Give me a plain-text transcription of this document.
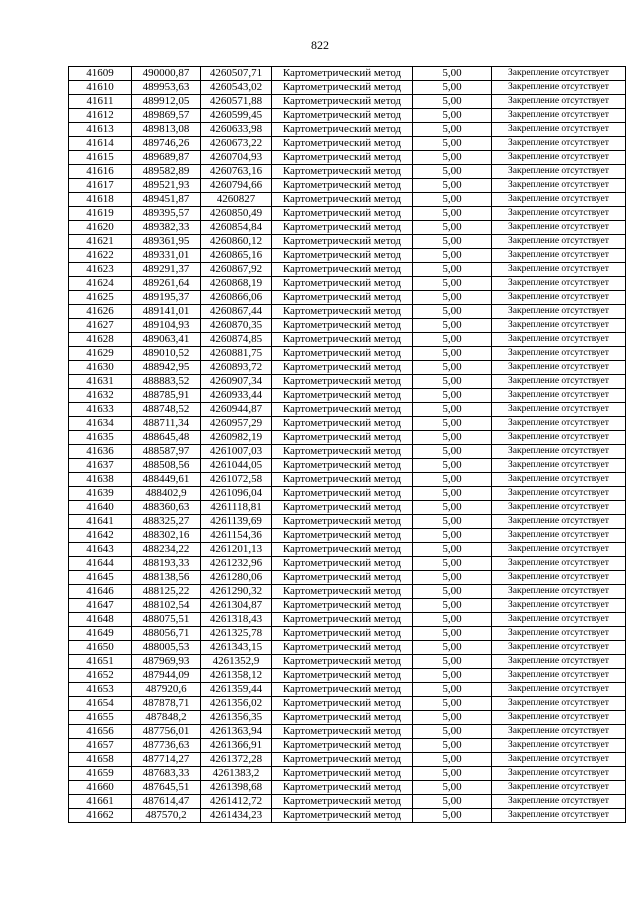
822
41609	490000,87	4260507,71	Картометрический метод	5,00	Закрепление отсутствует
41610	489953,63	4260543,02	Картометрический метод	5,00	Закрепление отсутствует
41611	489912,05	4260571,88	Картометрический метод	5,00	Закрепление отсутствует
41612	489869,57	4260599,45	Картометрический метод	5,00	Закрепление отсутствует
41613	489813,08	4260633,98	Картометрический метод	5,00	Закрепление отсутствует
41614	489746,26	4260673,22	Картометрический метод	5,00	Закрепление отсутствует
41615	489689,87	4260704,93	Картометрический метод	5,00	Закрепление отсутствует
41616	489582,89	4260763,16	Картометрический метод	5,00	Закрепление отсутствует
41617	489521,93	4260794,66	Картометрический метод	5,00	Закрепление отсутствует
41618	489451,87	4260827	Картометрический метод	5,00	Закрепление отсутствует
41619	489395,57	4260850,49	Картометрический метод	5,00	Закрепление отсутствует
41620	489382,33	4260854,84	Картометрический метод	5,00	Закрепление отсутствует
41621	489361,95	4260860,12	Картометрический метод	5,00	Закрепление отсутствует
41622	489331,01	4260865,16	Картометрический метод	5,00	Закрепление отсутствует
41623	489291,37	4260867,92	Картометрический метод	5,00	Закрепление отсутствует
41624	489261,64	4260868,19	Картометрический метод	5,00	Закрепление отсутствует
41625	489195,37	4260866,06	Картометрический метод	5,00	Закрепление отсутствует
41626	489141,01	4260867,44	Картометрический метод	5,00	Закрепление отсутствует
41627	489104,93	4260870,35	Картометрический метод	5,00	Закрепление отсутствует
41628	489063,41	4260874,85	Картометрический метод	5,00	Закрепление отсутствует
41629	489010,52	4260881,75	Картометрический метод	5,00	Закрепление отсутствует
41630	488942,95	4260893,72	Картометрический метод	5,00	Закрепление отсутствует
41631	488883,52	4260907,34	Картометрический метод	5,00	Закрепление отсутствует
41632	488785,91	4260933,44	Картометрический метод	5,00	Закрепление отсутствует
41633	488748,52	4260944,87	Картометрический метод	5,00	Закрепление отсутствует
41634	488711,34	4260957,29	Картометрический метод	5,00	Закрепление отсутствует
41635	488645,48	4260982,19	Картометрический метод	5,00	Закрепление отсутствует
41636	488587,97	4261007,03	Картометрический метод	5,00	Закрепление отсутствует
41637	488508,56	4261044,05	Картометрический метод	5,00	Закрепление отсутствует
41638	488449,61	4261072,58	Картометрический метод	5,00	Закрепление отсутствует
41639	488402,9	4261096,04	Картометрический метод	5,00	Закрепление отсутствует
41640	488360,63	4261118,81	Картометрический метод	5,00	Закрепление отсутствует
41641	488325,27	4261139,69	Картометрический метод	5,00	Закрепление отсутствует
41642	488302,16	4261154,36	Картометрический метод	5,00	Закрепление отсутствует
41643	488234,22	4261201,13	Картометрический метод	5,00	Закрепление отсутствует
41644	488193,33	4261232,96	Картометрический метод	5,00	Закрепление отсутствует
41645	488138,56	4261280,06	Картометрический метод	5,00	Закрепление отсутствует
41646	488125,22	4261290,32	Картометрический метод	5,00	Закрепление отсутствует
41647	488102,54	4261304,87	Картометрический метод	5,00	Закрепление отсутствует
41648	488075,51	4261318,43	Картометрический метод	5,00	Закрепление отсутствует
41649	488056,71	4261325,78	Картометрический метод	5,00	Закрепление отсутствует
41650	488005,53	4261343,15	Картометрический метод	5,00	Закрепление отсутствует
41651	487969,93	4261352,9	Картометрический метод	5,00	Закрепление отсутствует
41652	487944,09	4261358,12	Картометрический метод	5,00	Закрепление отсутствует
41653	487920,6	4261359,44	Картометрический метод	5,00	Закрепление отсутствует
41654	487878,71	4261356,02	Картометрический метод	5,00	Закрепление отсутствует
41655	487848,2	4261356,35	Картометрический метод	5,00	Закрепление отсутствует
41656	487756,01	4261363,94	Картометрический метод	5,00	Закрепление отсутствует
41657	487736,63	4261366,91	Картометрический метод	5,00	Закрепление отсутствует
41658	487714,27	4261372,28	Картометрический метод	5,00	Закрепление отсутствует
41659	487683,33	4261383,2	Картометрический метод	5,00	Закрепление отсутствует
41660	487645,51	4261398,68	Картометрический метод	5,00	Закрепление отсутствует
41661	487614,47	4261412,72	Картометрический метод	5,00	Закрепление отсутствует
41662	487570,2	4261434,23	Картометрический метод	5,00	Закрепление отсутствует
